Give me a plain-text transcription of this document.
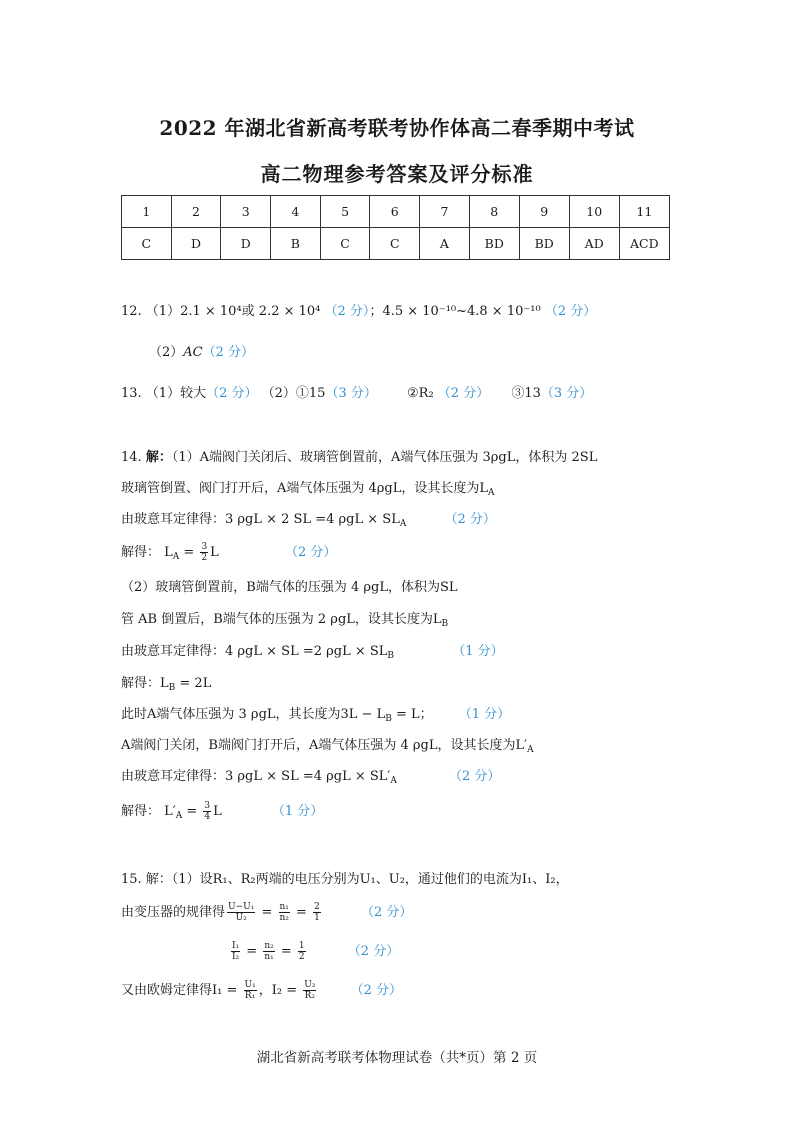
2022 年湖北省新高考联考协作体高二春季期中考试
高二物理参考答案及评分标准
1	2	3	4	5	6	7	8	9	10	11
C	D	D	B	C	C	A	BD	BD	AD	ACD
12. （1）2.1 × 10⁴或 2.2 × 10⁴ （2 分）；4.5 × 10⁻¹⁰~4.8 × 10⁻¹⁰ （2 分）
（2）AC（2 分）
13. （1）较大（2 分） （2）①15（3 分） ②R₂ （2 分） ③13（3 分）
14. 解：（1）A端阀门关闭后、玻璃管倒置前，A端气体压强为 3ρgL，体积为 2SL
玻璃管倒置、阀门打开后，A端气体压强为 4ρgL，设其长度为$L_A$
由玻意耳定律得：3 ρgL × 2 SL =4 $\rho gL \times SL_A$	（2 分）
解得： $L_A = \frac{3}{2}$ L	（2 分）
（2）玻璃管倒置前，B端气体的压强为 4 ρgL，体积为SL
管 AB 倒置后，B端气体的压强为 2 ρgL，设其长度为$L_B$
由玻意耳定律得：4 ρgL × SL =2 $\rho gL \times SL_B$	（1 分）
解得：$L_B = 2L$
此时A端气体压强为 3 ρgL，其长度为$3L - L_B = L$； （1 分）
A端阀门关闭，B端阀门打开后，A端气体压强为 4 ρgL，设其长度为$L'_A$
由玻意耳定律得：3 ρgL × SL =4 $\rho gL \times SL'_A$	（2 分）
解得： $L'_A = \frac{3}{4}$ L	（1 分）
15. 解：（1）设R₁、R₂两端的电压分别为U₁、U₂，通过他们的电流为I₁、I₂，
由变压器的规律得 $\frac{\text{U−U₁}}{\text{U₂}} = \frac{\text{n₁}}{\text{n₂}} = \frac{2}{1}$	（2 分）
$\frac{\text{I₁}}{\text{I₂}} = \frac{\text{n₂}}{\text{n₁}} = \frac{1}{2}$	（2 分）
又由欧姆定律得$I_1 = \frac{\text{U₁}}{\text{R₁}}$ ，$I_2 = \frac{\text{U₂}}{\text{R₂}}$	（2 分）
湖北省新高考联考体物理试卷（共*页）第 2 页
